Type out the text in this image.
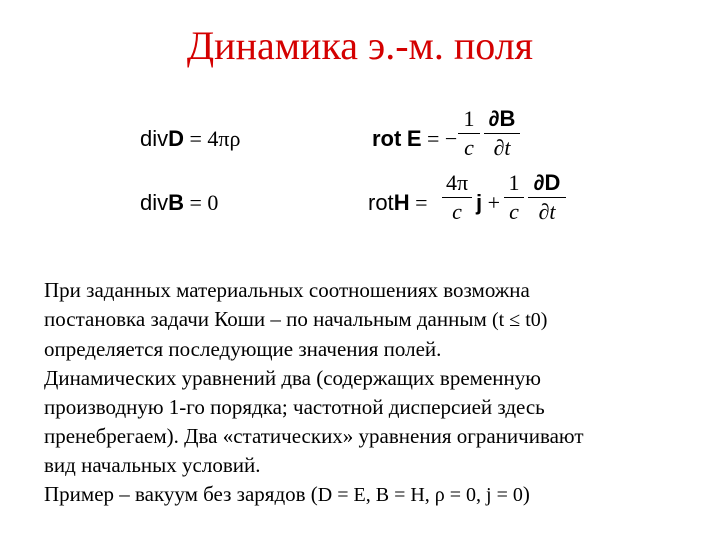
Динамика э.-м. поля
divD = 4πρ
divB = 0
rot E = −
1
c
∂B
∂t
rotH =
4π
c j +
1
c
∂D
∂t
При заданных материальных соотношениях возможна
постановка задачи Коши – по начальным данным (t ≤ t0)
определяется последующие значения полей.
Динамических уравнений два (содержащих временную
производную 1-го порядка; частотной дисперсией здесь
пренебрегаем). Два «статических» уравнения ограничивают
вид начальных условий.
Пример – вакуум без зарядов (D = E, B = H, ρ = 0, j = 0)
